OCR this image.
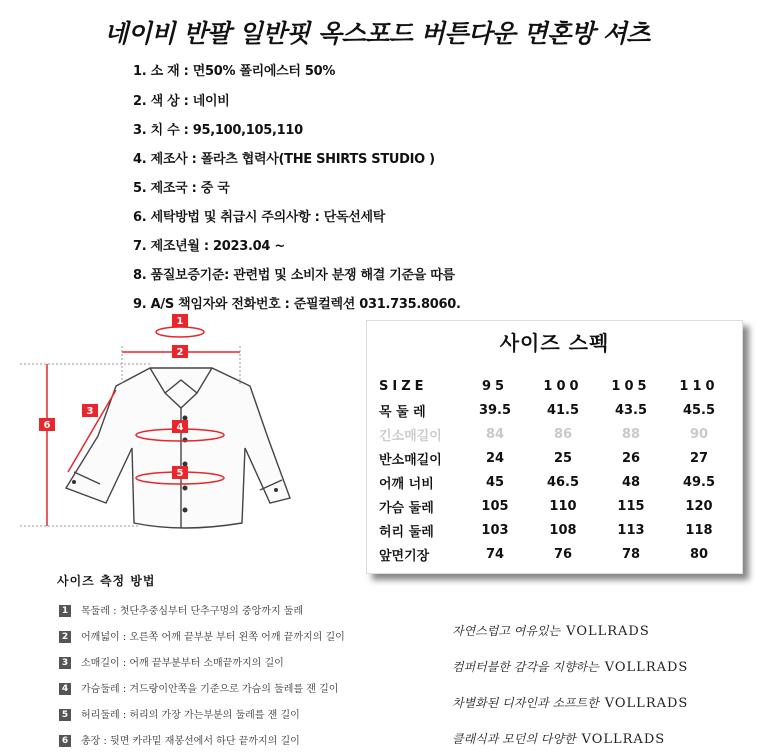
네이비 반팔 일반핏 옥스포드 버튼다운 면혼방 셔츠
1. 소 재 : 면50% 폴리에스터 50%
2. 색 상 : 네이비
3. 치 수 : 95,100,105,110
4. 제조사 : 폴라츠 협력사(THE SHIRTS STUDIO )
5. 제조국 : 중 국
6. 세탁방법 및 취급시 주의사항 : 단독선세탁
7. 제조년월 : 2023.04 ~
8. 품질보증기준: 관련법 및 소비자 분쟁 해결 기준을 따름
9. A/S 책임자와 전화번호 : 준필컬렉션 031.735.8060.
1
2
3
4
5
6
사이즈 스펙
SIZE	95	100	105	110
목 둘 레	39.5	41.5	43.5	45.5
긴소매길이	84	86	88	90
반소매길이	24	25	26	27
어깨 너비	45	46.5	48	49.5
가슴 둘레	105	110	115	120
허리 둘레	103	108	113	118
앞면기장	74	76	78	80
사이즈 측정 방법
1 목둘레 : 첫단추중심부터 단추구멍의 중앙까지 둘레
2 어깨넓이 : 오른쪽 어깨 끝부분 부터 왼쪽 어깨 끝까지의 길이
3 소매길이 : 어깨 끝부분부터 소매끝까지의 길이
4 가슴둘레 : 겨드랑이안쪽을 기준으로 가슴의 둘레를 잰 길이
5 허리둘레 : 허리의 가장 가는부분의 둘레를 잰 길이
6 총장 : 뒷면 카라밑 재봉선에서 하단 끝까지의 길이
자연스럽고 여유있는 VOLLRADS
컴퍼터블한 감각을 지향하는 VOLLRADS
차별화된 디자인과 소프트한 VOLLRADS
클래식과 모던의 다양한 VOLLRADS
